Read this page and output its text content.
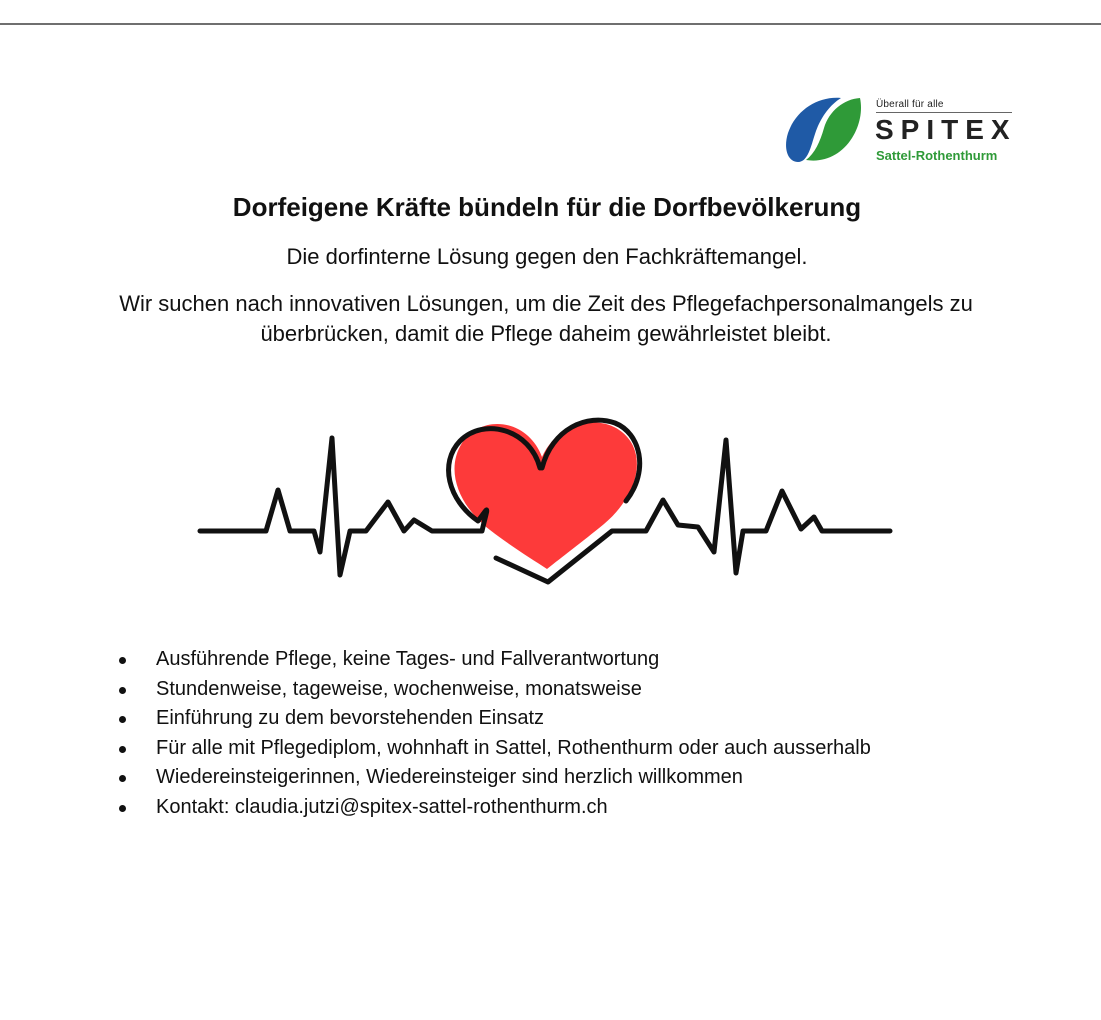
Überall für alle
SPITEX
Sattel-Rothenthurm
Dorfeigene Kräfte bündeln für die Dorfbevölkerung

Die dorfinterne Lösung gegen den Fachkräftemangel.

Wir suchen nach innovativen Lösungen, um die Zeit des Pflegefachpersonalmangels zu überbrücken, damit die Pflege daheim gewährleistet bleibt.

Ausführende Pflege, keine Tages- und Fallverantwortung
Stundenweise, tageweise, wochenweise, monatsweise
Einführung zu dem bevorstehenden Einsatz
Für alle mit Pflegediplom, wohnhaft in Sattel, Rothenthurm oder auch ausserhalb
Wiedereinsteigerinnen, Wiedereinsteiger sind herzlich willkommen
Kontakt: claudia.jutzi@spitex-sattel-rothenthurm.ch
